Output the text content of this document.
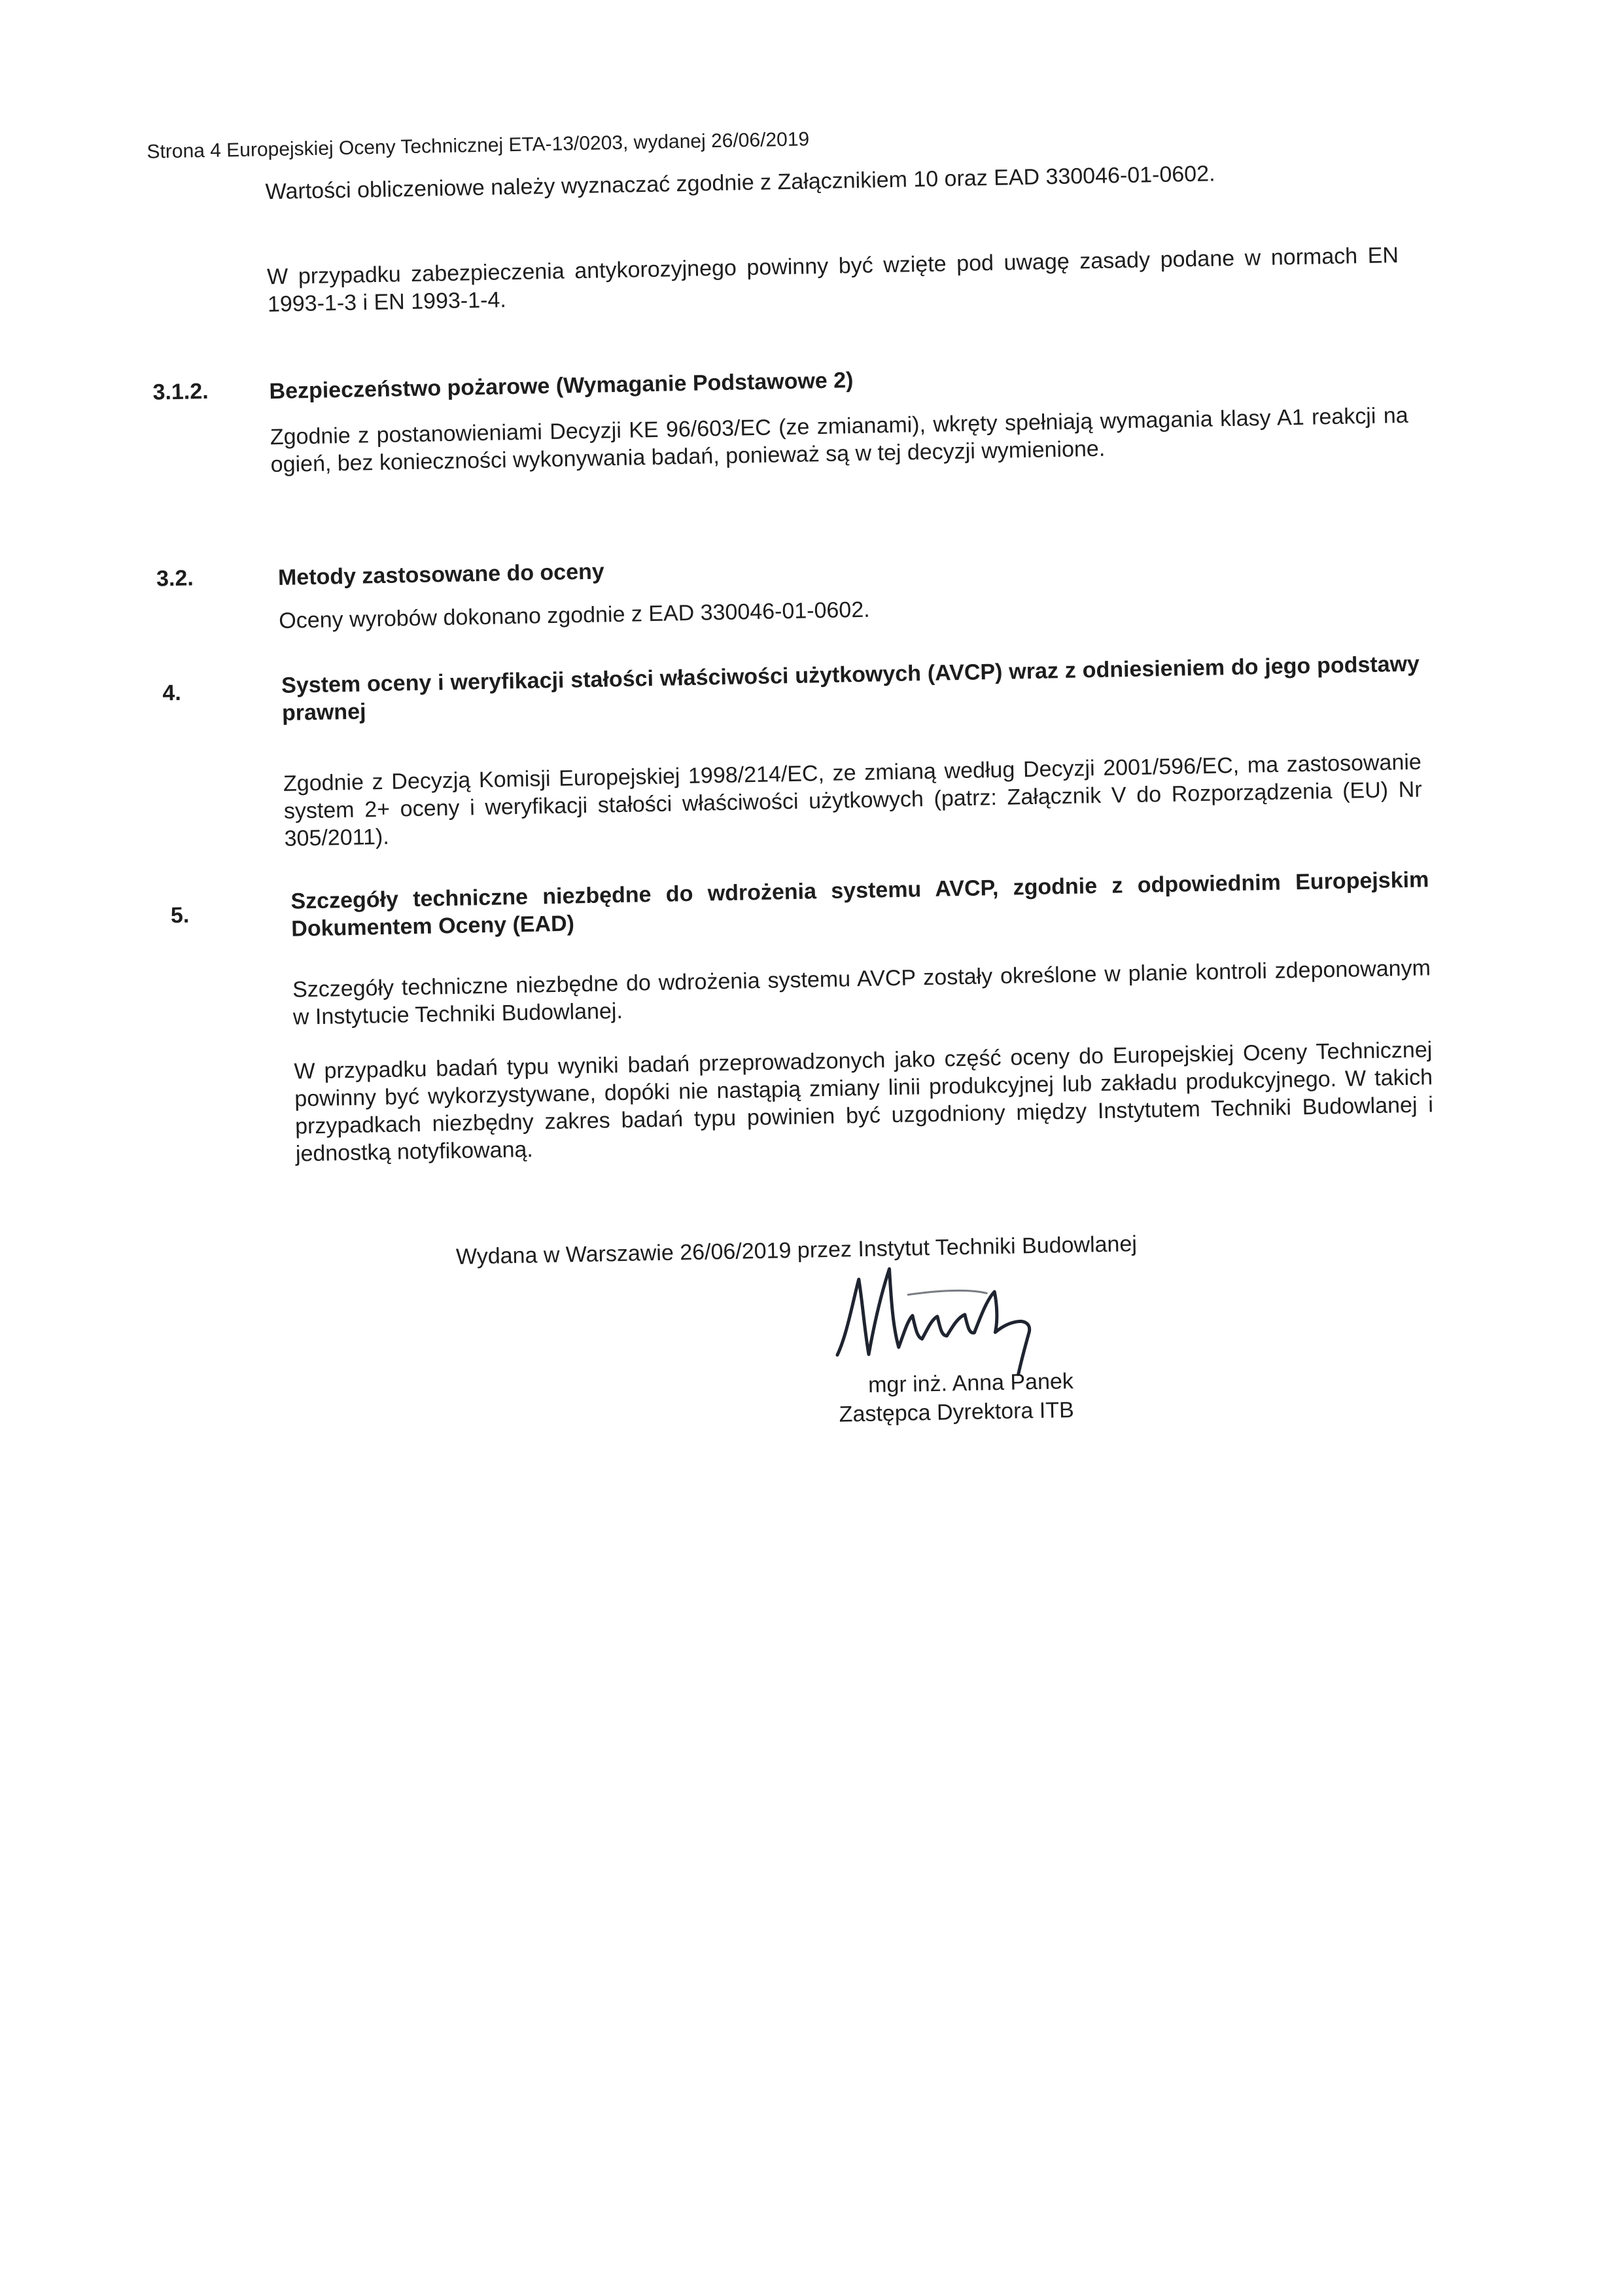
Strona 4 Europejskiej Oceny Technicznej ETA-13/0203, wydanej 26/06/2019
Wartości obliczeniowe należy wyznaczać zgodnie z Załącznikiem 10 oraz EAD 330046-01-0602.
W przypadku zabezpieczenia antykorozyjnego powinny być wzięte pod uwagę zasady podane w normach EN 1993-1-3 i EN 1993-1-4.
3.1.2.	Bezpieczeństwo pożarowe (Wymaganie Podstawowe 2)
Zgodnie z postanowieniami Decyzji KE 96/603/EC (ze zmianami), wkręty spełniają wymagania klasy A1 reakcji na ogień, bez konieczności wykonywania badań, ponieważ są w tej decyzji wymienione.
3.2.	Metody zastosowane do oceny
Oceny wyrobów dokonano zgodnie z EAD 330046-01-0602.
4.	System oceny i weryfikacji stałości właściwości użytkowych (AVCP) wraz z odniesieniem do jego podstawy prawnej
Zgodnie z Decyzją Komisji Europejskiej 1998/214/EC, ze zmianą według Decyzji 2001/596/EC, ma zastosowanie system 2+ oceny i weryfikacji stałości właściwości użytkowych (patrz: Załącznik V do Rozporządzenia (EU) Nr 305/2011).
5.
Szczegóły techniczne niezbędne do wdrożenia systemu AVCP, zgodnie z odpowiednim Europejskim Dokumentem Oceny (EAD)
Szczegóły techniczne niezbędne do wdrożenia systemu AVCP zostały określone w planie kontroli zdeponowanym w Instytucie Techniki Budowlanej.
W przypadku badań typu wyniki badań przeprowadzonych jako część oceny do Europejskiej Oceny Technicznej powinny być wykorzystywane, dopóki nie nastąpią zmiany linii produkcyjnej lub zakładu produkcyjnego. W takich przypadkach niezbędny zakres badań typu powinien być uzgodniony między Instytutem Techniki Budowlanej i jednostką notyfikowaną.
Wydana w Warszawie 26/06/2019 przez Instytut Techniki Budowlanej
mgr inż. Anna Panek
Zastępca Dyrektora ITB
